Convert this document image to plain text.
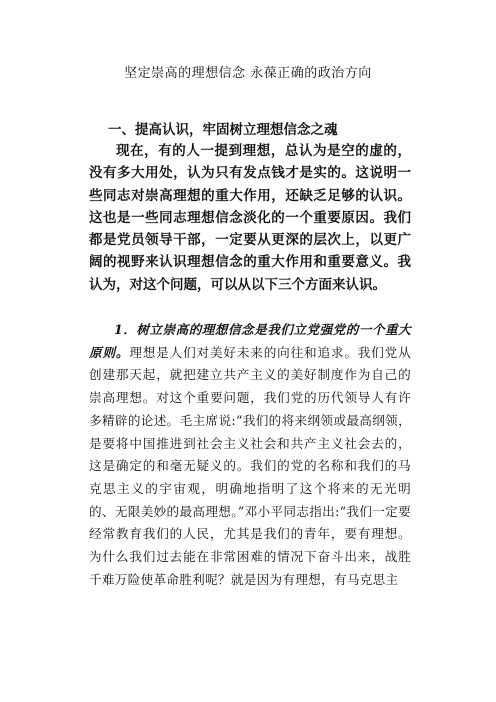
坚定崇高的理想信念 永葆正确的政治方向
一、提高认识，牢固树立理想信念之魂

现在，有的人一提到理想，总认为是空的虚的，没有多大用处，认为只有发点钱才是实的。这说明一些同志对崇高理想的重大作用，还缺乏足够的认识。这也是一些同志理想信念淡化的一个重要原因。我们都是党员领导干部，一定要从更深的层次上，以更广阔的视野来认识理想信念的重大作用和重要意义。我认为，对这个问题，可以从以下三个方面来认识。

1．树立崇高的理想信念是我们立党强党的一个重大原则。理想是人们对美好未来的向往和追求。我们党从创建那天起，就把建立共产主义的美好制度作为自己的崇高理想。对这个重要问题，我们党的历代领导人有许多精辟的论述。毛主席说:“我们的将来纲领或最高纲领，是要将中国推进到社会主义社会和共产主义社会去的，这是确定的和毫无疑义的。我们的党的名称和我们的马克思主义的宇宙观，明确地指明了这个将来的无光明的、无限美妙的最高理想。”邓小平同志指出:“我们一定要经常教育我们的人民，尤其是我们的青年，要有理想。为什么我们过去能在非常困难的情况下奋斗出来，战胜千难万险使革命胜利呢？就是因为有理想，有马克思主
